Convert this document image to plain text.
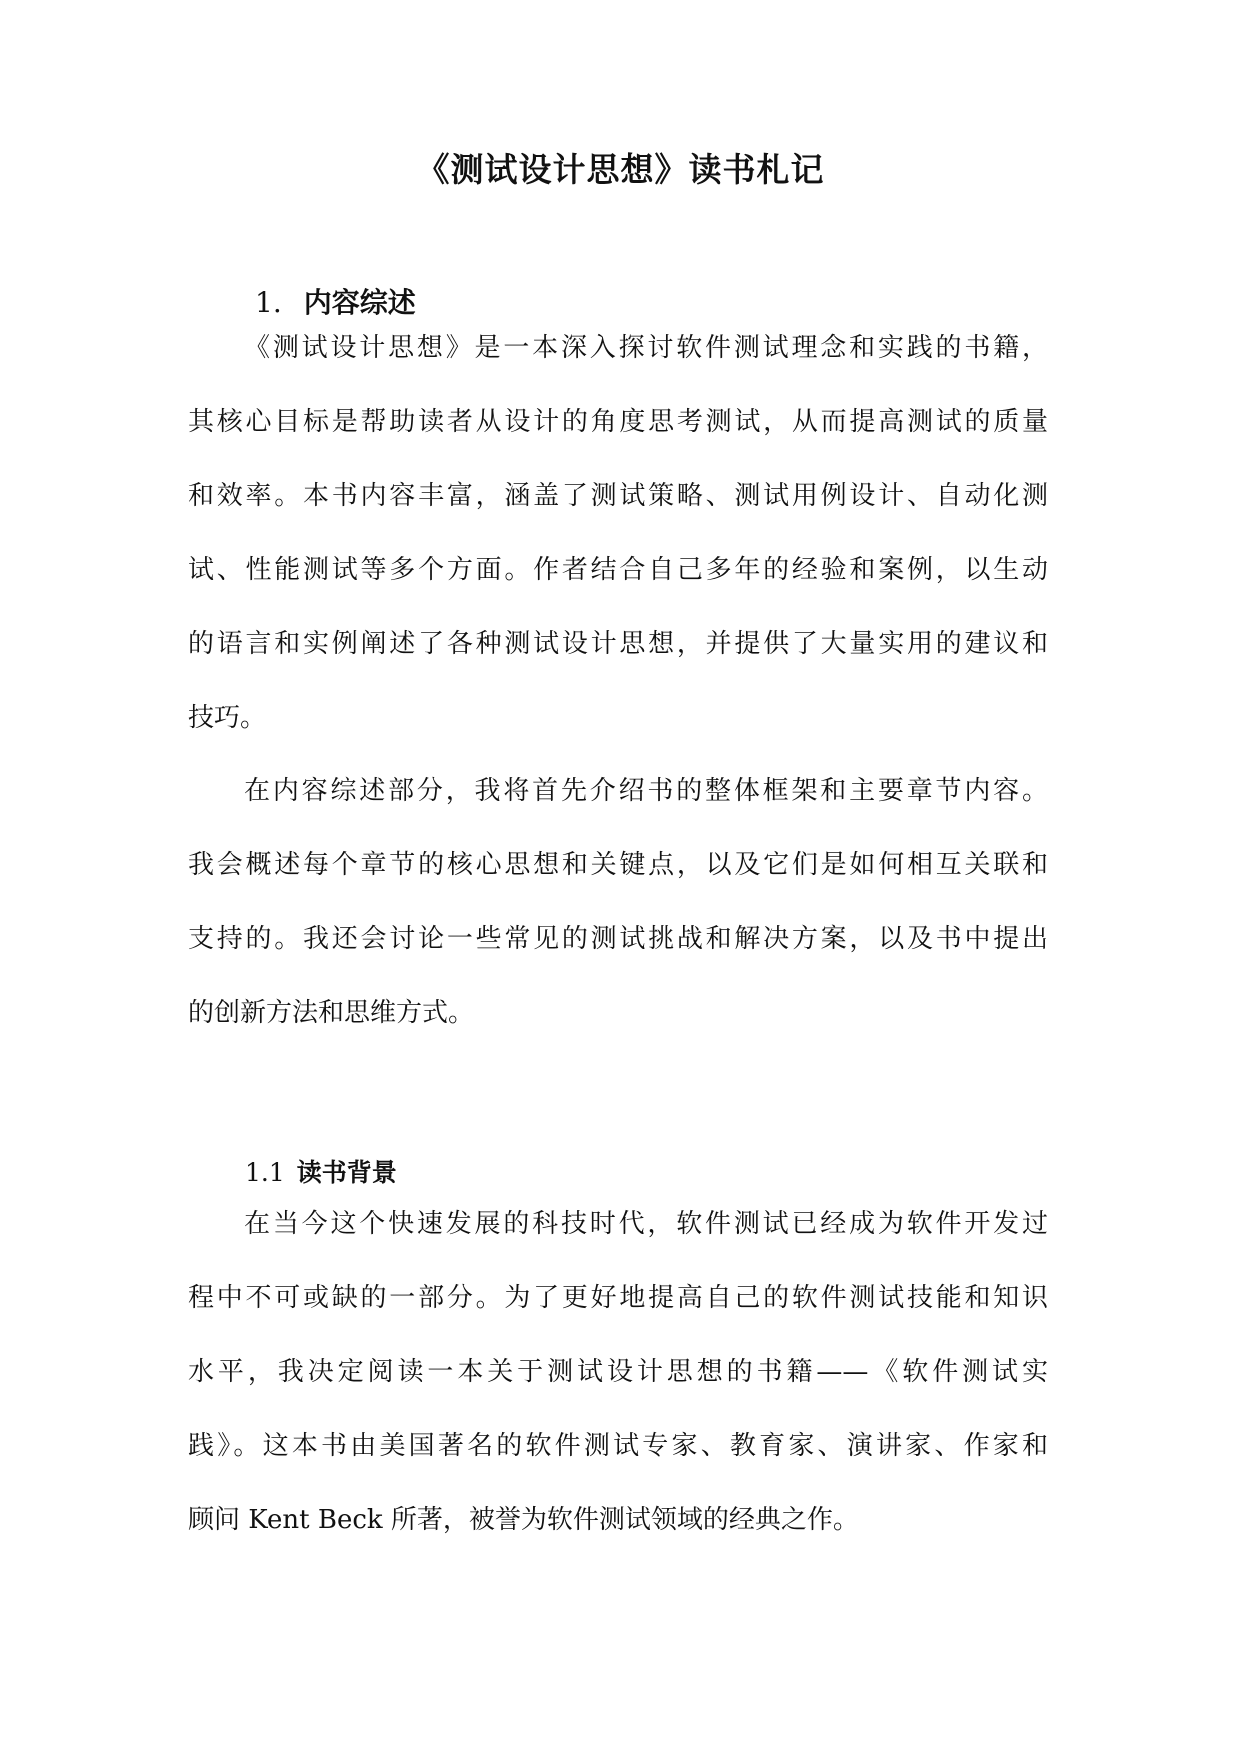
《测试设计思想》读书札记
1. 内容综述
《测试设计思想》是一本深入探讨软件测试理念和实践的书籍，
其核心目标是帮助读者从设计的角度思考测试，从而提高测试的质量
和效率。本书内容丰富，涵盖了测试策略、测试用例设计、自动化测
试、性能测试等多个方面。作者结合自己多年的经验和案例，以生动
的语言和实例阐述了各种测试设计思想，并提供了大量实用的建议和
技巧。
在内容综述部分，我将首先介绍书的整体框架和主要章节内容。
我会概述每个章节的核心思想和关键点，以及它们是如何相互关联和
支持的。我还会讨论一些常见的测试挑战和解决方案，以及书中提出
的创新方法和思维方式。
1.1 读书背景
在当今这个快速发展的科技时代，软件测试已经成为软件开发过
程中不可或缺的一部分。为了更好地提高自己的软件测试技能和知识
水平，我决定阅读一本关于测试设计思想的书籍——《软件测试实
践》。这本书由美国著名的软件测试专家、教育家、演讲家、作家和
顾问 Kent Beck 所著，被誉为软件测试领域的经典之作。
